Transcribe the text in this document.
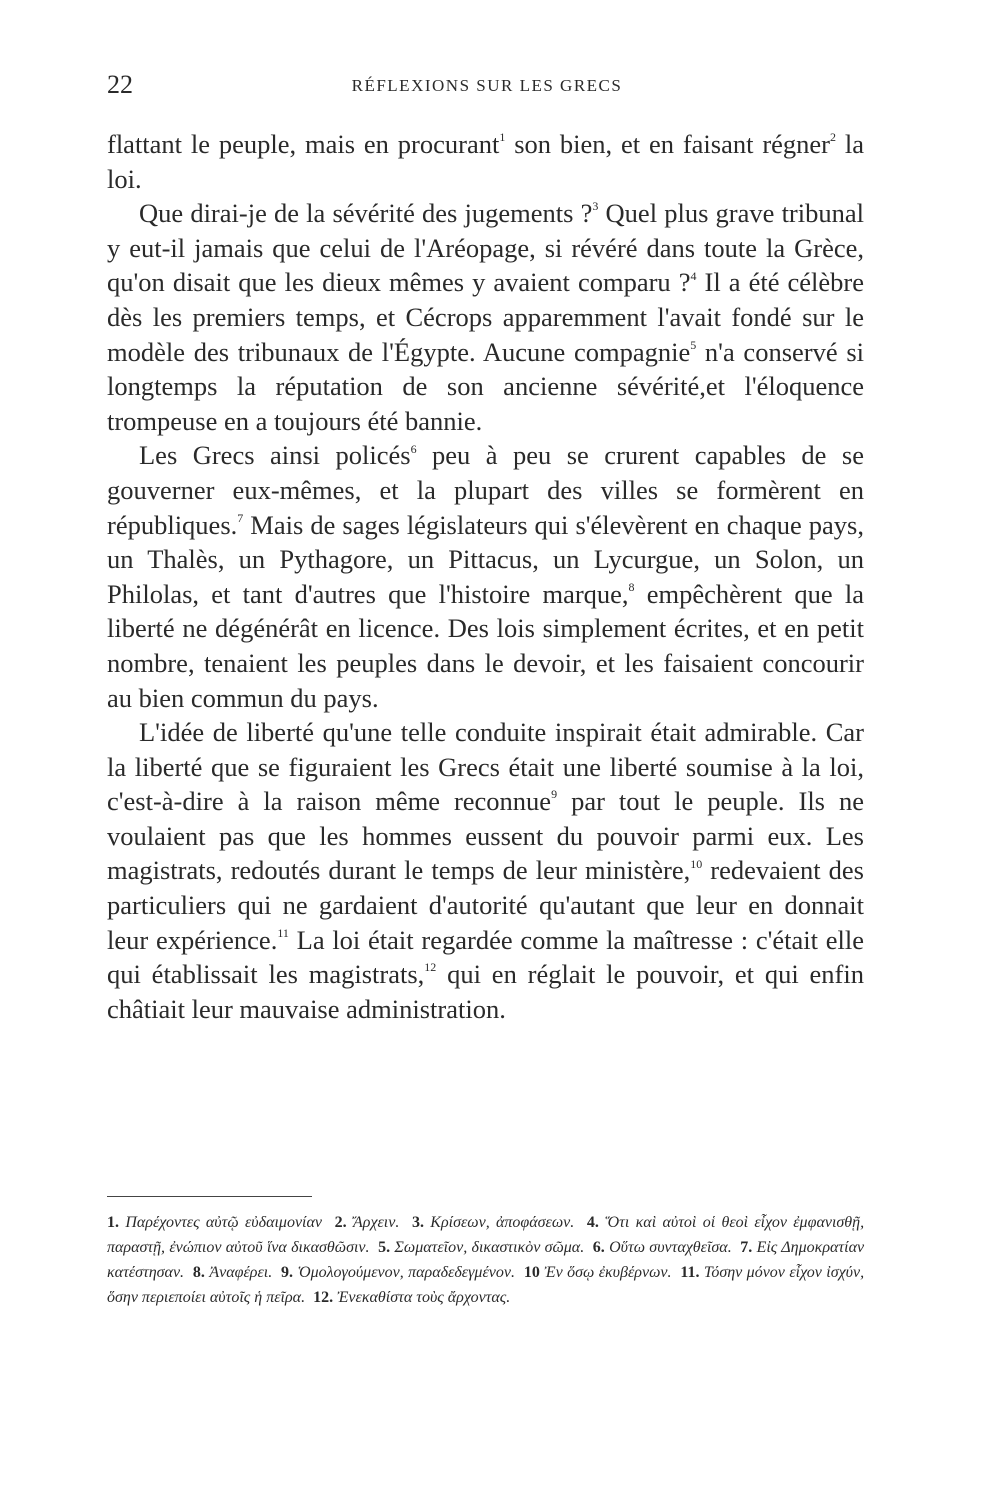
22	RÉFLEXIONS SUR LES GRECS

flattant le peuple, mais en procurant$^1$ son bien, et en faisant régner$^2$ la loi.

Que dirai-je de la sévérité des jugements ?$^3$ Quel plus grave tribunal y eut-il jamais que celui de l'Aréopage, si révéré dans toute la Grèce, qu'on disait que les dieux mêmes y avaient comparu ?$^4$ Il a été célèbre dès les premiers temps, et Cécrops apparemment l'avait fondé sur le modèle des tribunaux de l'Égypte. Aucune compagnie$^5$ n'a conservé si longtemps la réputation de son ancienne sévérité,et l'éloquence trompeuse en a toujours été bannie.

Les Grecs ainsi policés$^6$ peu à peu se crurent capables de se gouverner eux-mêmes, et la plupart des villes se formèrent en républiques.$^7$ Mais de sages législateurs qui s'élevèrent en chaque pays, un Thalès, un Pythagore, un Pittacus, un Lycurgue, un Solon, un Philolas, et tant d'autres que l'histoire marque,$^8$ empêchèrent que la liberté ne dégénérât en licence. Des lois simplement écrites, et en petit nombre, tenaient les peuples dans le devoir, et les faisaient concourir au bien commun du pays.

L'idée de liberté qu'une telle conduite inspirait était admirable. Car la liberté que se figuraient les Grecs était une liberté soumise à la loi, c'est-à-dire à la raison même reconnue$^9$ par tout le peuple. Ils ne voulaient pas que les hommes eussent du pouvoir parmi eux. Les magistrats, redoutés durant le temps de leur ministère,$^{10}$ redevaient des particuliers qui ne gardaient d'autorité qu'autant que leur en donnait leur expérience.$^{11}$ La loi était regardée comme la maîtresse : c'était elle qui établissait les magistrats,$^{12}$ qui en réglait le pouvoir, et qui enfin châtiait leur mauvaise administration.

1. Παρέχοντες αὐτῷ εὐδαιμονίαν 2. Ἄρχειν. 3. Κρίσεων, ἀποφάσεων. 4. Ὅτι καὶ αὐτοὶ οἱ θεοὶ εἶχον ἐμφανισθῇ, παραστῇ, ἐνώπιον αὐτοῦ ἵνα δικασθῶσιν. 5. Σωματεῖον, δικαστικὸν σῶμα. 6. Οὕτω συνταχθεῖσα. 7. Εἰς Δημοκρατίαν κατέστησαν. 8. Ἀναφέρει. 9. Ὁμολογούμενον, παραδεδεγμένον. 10 Ἐν ὅσῳ ἐκυβέρνων. 11. Τόσην μόνον εἶχον ἰσχύν, ὅσην περιεποίει αὐτοῖς ἡ πεῖρα. 12. Ἐνεκαθίστα τοὺς ἄρχοντας.
